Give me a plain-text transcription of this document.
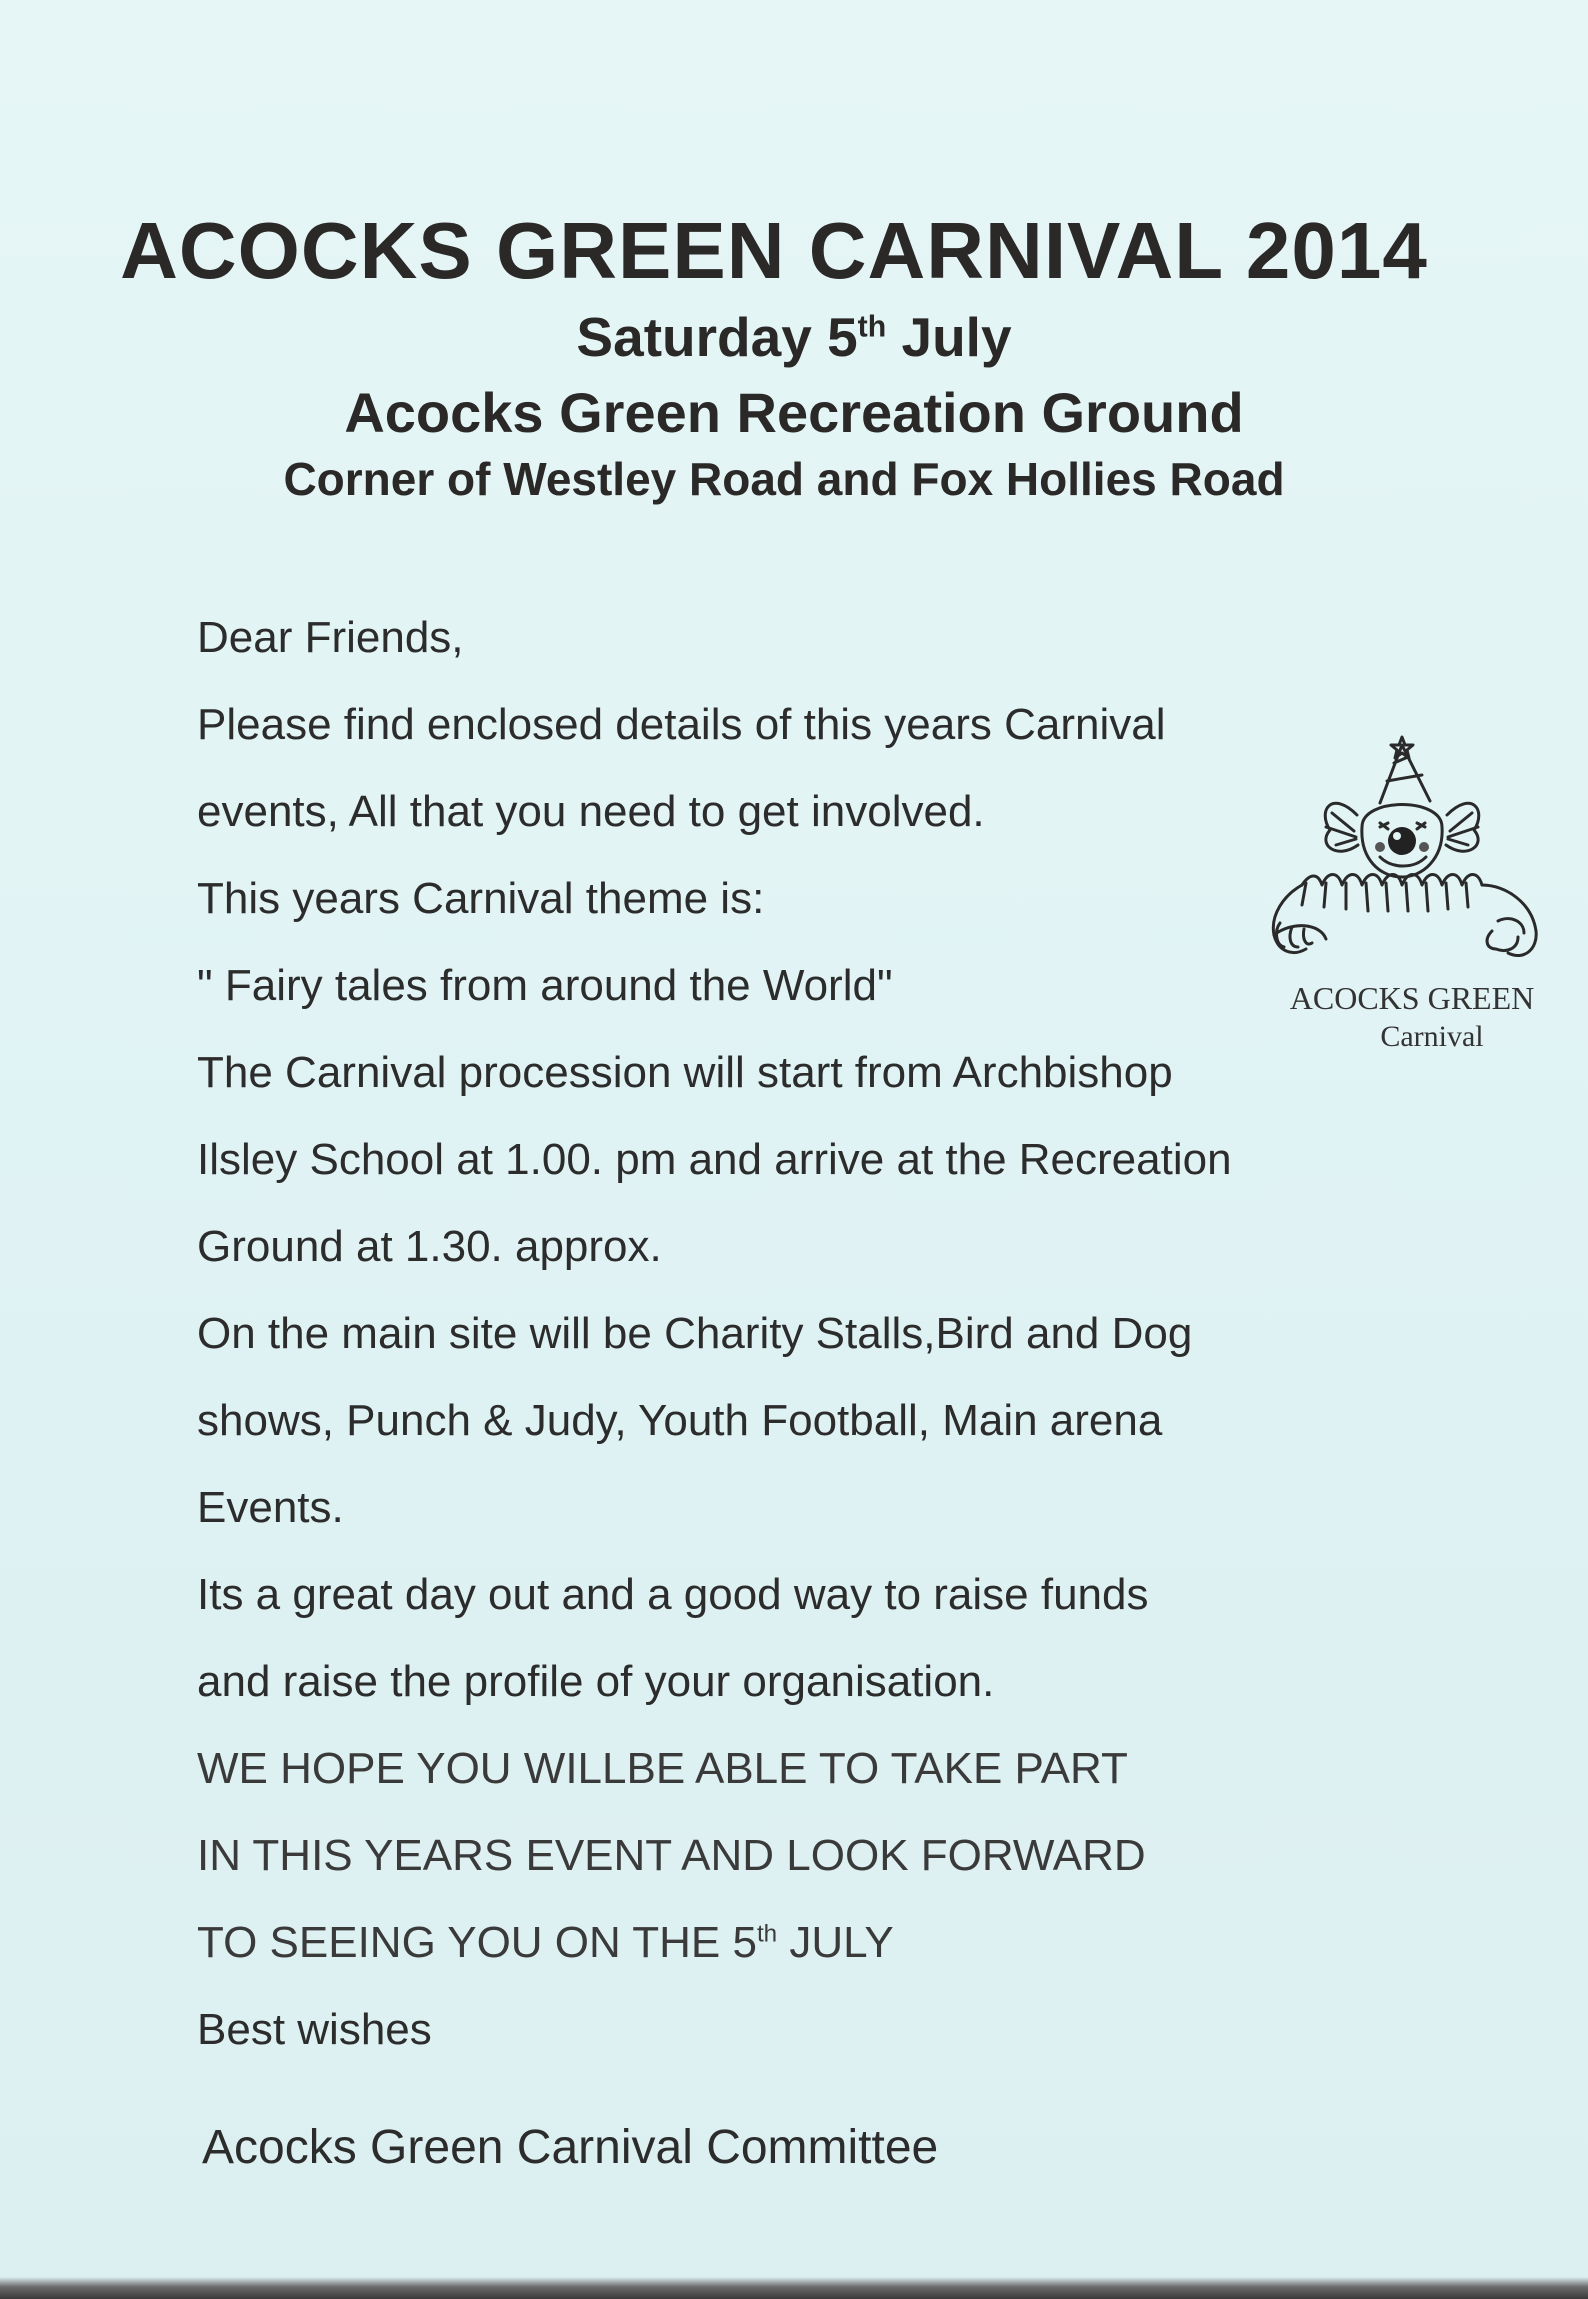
ACOCKS GREEN CARNIVAL 2014
Saturday 5th July
Acocks Green Recreation Ground
Corner of Westley Road and Fox Hollies Road
Dear Friends,
Please find enclosed details of this years Carnival
events, All that you need to get involved.
This years Carnival theme is:
" Fairy tales from around the World"
The Carnival procession will start from Archbishop
Ilsley School at 1.00. pm and arrive at the Recreation
Ground at 1.30. approx.
On the main site will be Charity Stalls,Bird and Dog
shows, Punch & Judy, Youth Football, Main arena
Events.
Its a great day out and a good way to raise funds
and raise the profile of your organisation.
WE HOPE YOU WILLBE ABLE TO TAKE PART
IN THIS YEARS EVENT AND LOOK FORWARD
TO SEEING YOU ON THE 5th JULY
Best wishes
Acocks Green Carnival Committee
ACOCKS GREEN
Carnival
